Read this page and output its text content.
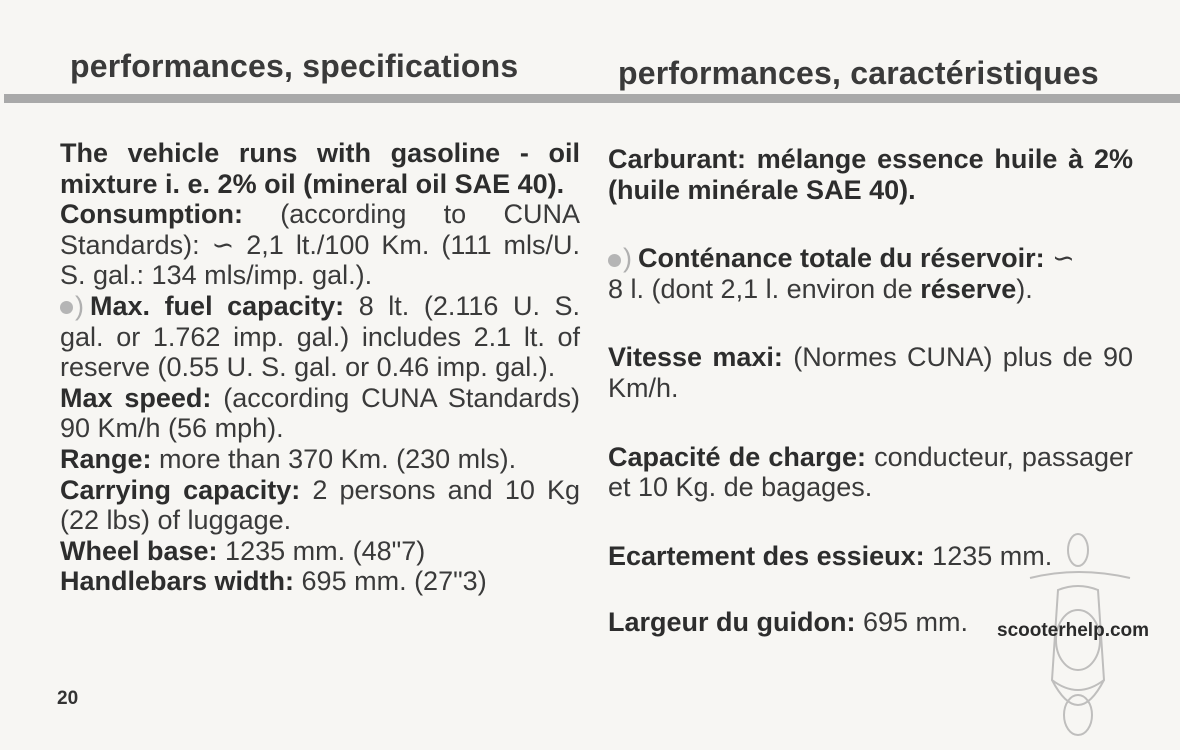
performances, specifications	performances, caractéristiques

The vehicle runs with gasoline - oil mixture i. e. 2% oil (mineral oil SAE 40).

Consumption: (according to CUNA Standards): ∽ 2,1 lt./100 Km. (111 mls/U. S. gal.: 134 mls/imp. gal.).

) Max. fuel capacity: 8 lt. (2.116 U. S. gal. or 1.762 imp. gal.) includes 2.1 lt. of reserve (0.55 U. S. gal. or 0.46 imp. gal.).

Max speed: (according CUNA Standards) 90 Km/h (56 mph).

Range: more than 370 Km. (230 mls).

Carrying capacity: 2 persons and 10 Kg (22 lbs) of luggage.

Wheel base: 1235 mm. (48"7)

Handlebars width: 695 mm. (27"3)

Carburant: mélange essence huile à 2% (huile minérale SAE 40).

) Conténance totale du réservoir: ∽
8 l. (dont 2,1 l. environ de réserve).

Vitesse maxi: (Normes CUNA) plus de 90 Km/h.

Capacité de charge: conducteur, passager et 10 Kg. de bagages.

Ecartement des essieux: 1235 mm.

Largeur du guidon: 695 mm.	scooterhelp.com
20
